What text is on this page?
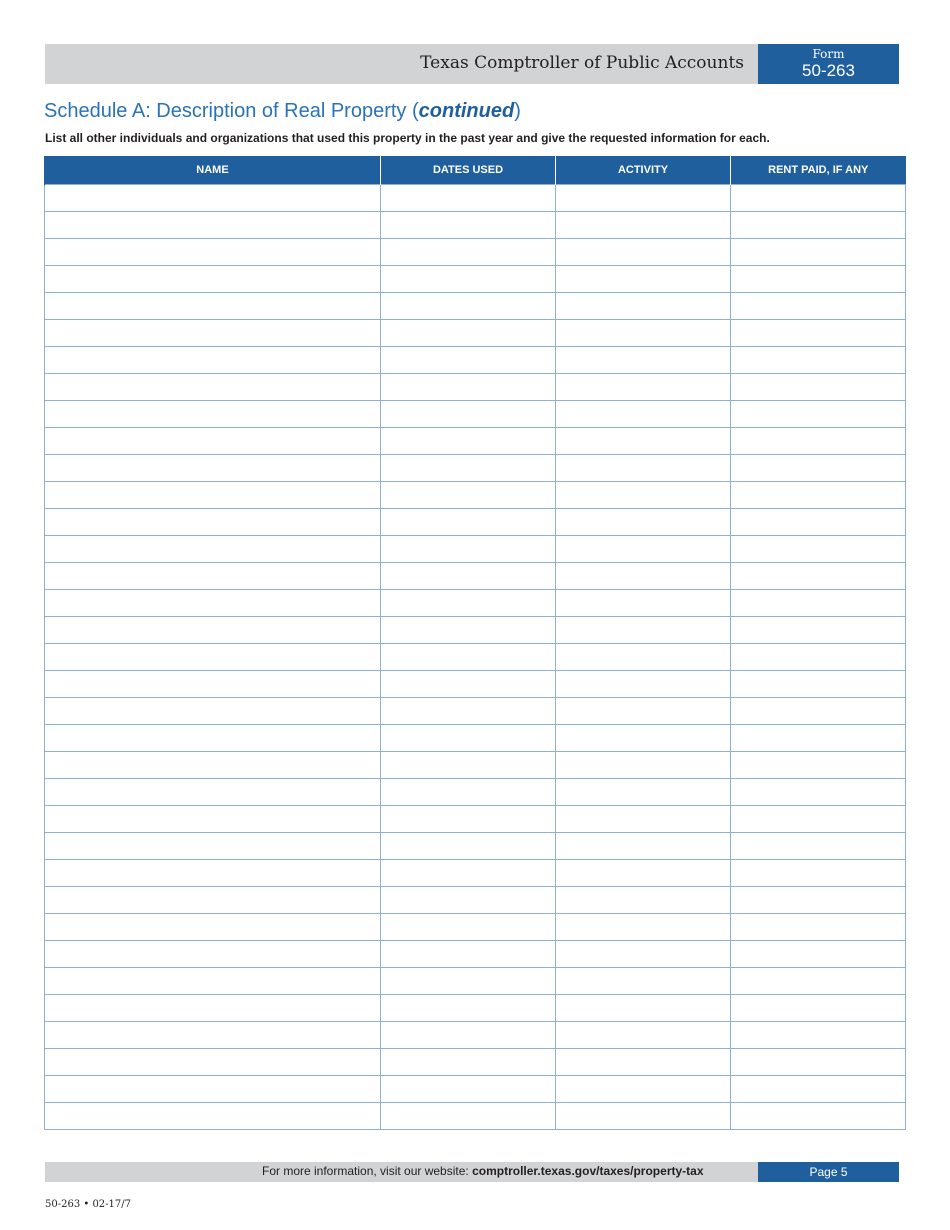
Texas Comptroller of Public Accounts	Form
50-263
Schedule A: Description of Real Property (continued)

List all other individuals and organizations that used this property in the past year and give the requested information for each.

NAME	DATES USED	ACTIVITY	RENT PAID, IF ANY

For more information, visit our website: comptroller.texas.gov/taxes/property-tax	Page 5
50-263 • 02-17/7
